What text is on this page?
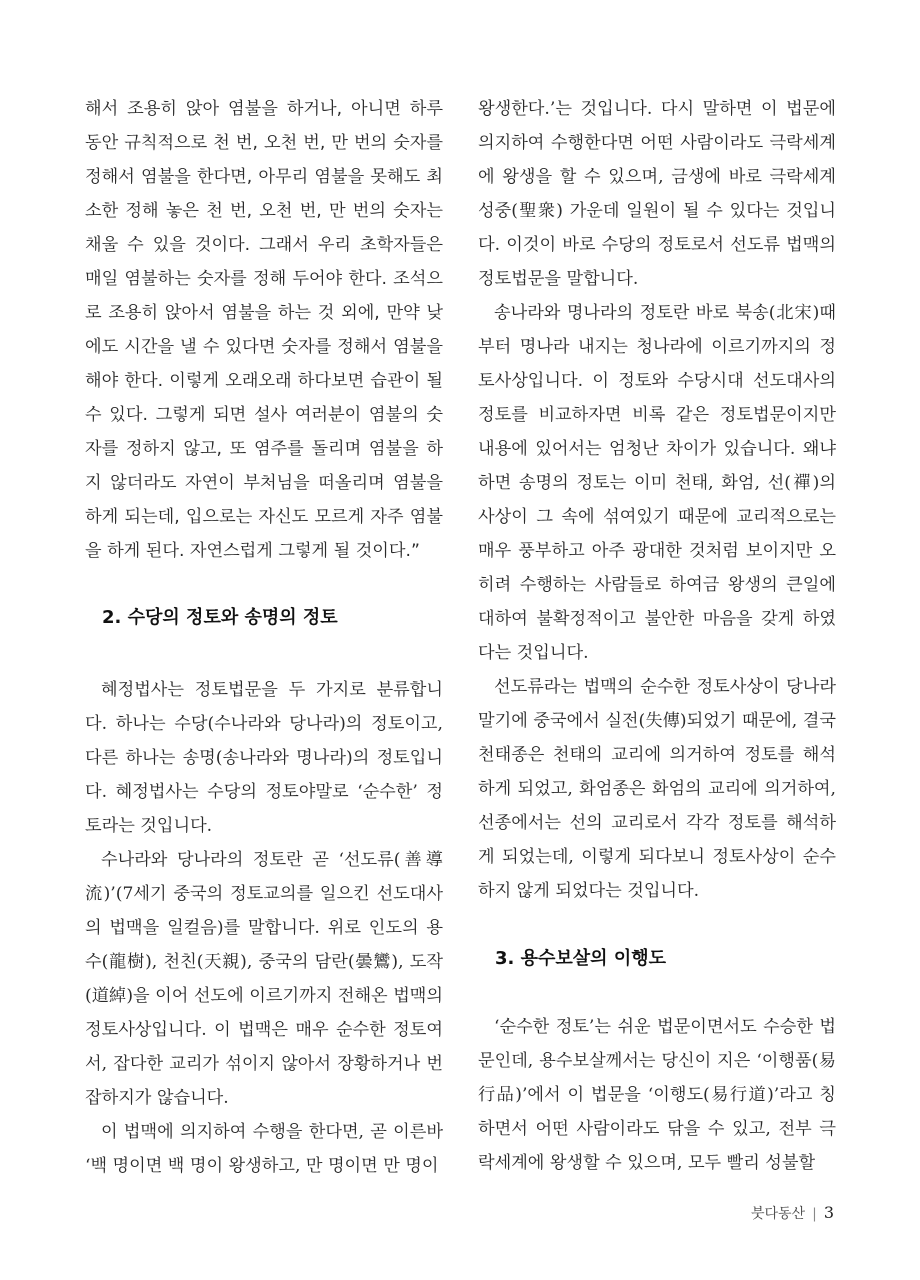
해서 조용히 앉아 염불을 하거나, 아니면 하루 동안 규칙적으로 천 번, 오천 번, 만 번의 숫자를 정해서 염불을 한다면, 아무리 염불을 못해도 최소한 정해 놓은 천 번, 오천 번, 만 번의 숫자는 채울 수 있을 것이다. 그래서 우리 초학자들은 매일 염불하는 숫자를 정해 두어야 한다. 조석으로 조용히 앉아서 염불을 하는 것 외에, 만약 낮에도 시간을 낼 수 있다면 숫자를 정해서 염불을 해야 한다. 이렇게 오래오래 하다보면 습관이 될 수 있다. 그렇게 되면 설사 여러분이 염불의 숫자를 정하지 않고, 또 염주를 돌리며 염불을 하지 않더라도 자연이 부처님을 떠올리며 염불을 하게 되는데, 입으로는 자신도 모르게 자주 염불을 하게 된다. 자연스럽게 그렇게 될 것이다.”

2. 수당의 정토와 송명의 정토

혜정법사는 정토법문을 두 가지로 분류합니다. 하나는 수당(수나라와 당나라)의 정토이고, 다른 하나는 송명(송나라와 명나라)의 정토입니다. 혜정법사는 수당의 정토야말로 ‘순수한’ 정토라는 것입니다.

수나라와 당나라의 정토란 곧 ‘선도류(善導流)’(7세기 중국의 정토교의를 일으킨 선도대사의 법맥을 일컬음)를 말합니다. 위로 인도의 용수(龍樹), 천친(天親), 중국의 담란(曇鸞), 도작(道綽)을 이어 선도에 이르기까지 전해온 법맥의 정토사상입니다. 이 법맥은 매우 순수한 정토여서, 잡다한 교리가 섞이지 않아서 장황하거나 번잡하지가 않습니다.

이 법맥에 의지하여 수행을 한다면, 곧 이른바 ‘백 명이면 백 명이 왕생하고, 만 명이면 만 명이

왕생한다.’는 것입니다. 다시 말하면 이 법문에 의지하여 수행한다면 어떤 사람이라도 극락세계에 왕생을 할 수 있으며, 금생에 바로 극락세계 성중(聖衆) 가운데 일원이 될 수 있다는 것입니다. 이것이 바로 수당의 정토로서 선도류 법맥의 정토법문을 말합니다.

송나라와 명나라의 정토란 바로 북송(北宋)때부터 명나라 내지는 청나라에 이르기까지의 정토사상입니다. 이 정토와 수당시대 선도대사의 정토를 비교하자면 비록 같은 정토법문이지만 내용에 있어서는 엄청난 차이가 있습니다. 왜냐하면 송명의 정토는 이미 천태, 화엄, 선(禪)의 사상이 그 속에 섞여있기 때문에 교리적으로는 매우 풍부하고 아주 광대한 것처럼 보이지만 오히려 수행하는 사람들로 하여금 왕생의 큰일에 대하여 불확정적이고 불안한 마음을 갖게 하였다는 것입니다.

선도류라는 법맥의 순수한 정토사상이 당나라 말기에 중국에서 실전(失傳)되었기 때문에, 결국 천태종은 천태의 교리에 의거하여 정토를 해석하게 되었고, 화엄종은 화엄의 교리에 의거하여, 선종에서는 선의 교리로서 각각 정토를 해석하게 되었는데, 이렇게 되다보니 정토사상이 순수하지 않게 되었다는 것입니다.

3. 용수보살의 이행도

‘순수한 정토’는 쉬운 법문이면서도 수승한 법문인데, 용수보살께서는 당신이 지은 ‘이행품(易行品)’에서 이 법문을 ‘이행도(易行道)’라고 칭하면서 어떤 사람이라도 닦을 수 있고, 전부 극락세계에 왕생할 수 있으며, 모두 빨리 성불할

붓다동산 | 3
